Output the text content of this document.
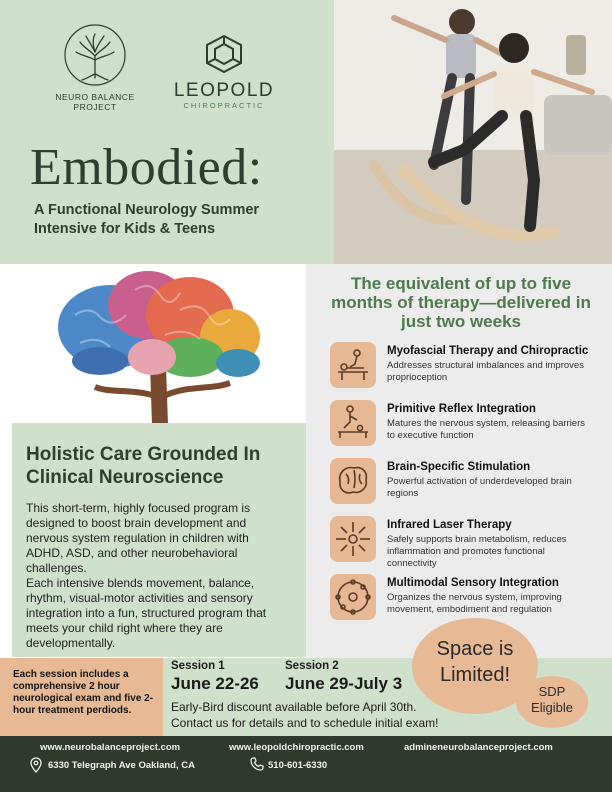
NEURO BALANCE
PROJECT
LEOPOLD
CHIROPRACTIC
Embodied:
A Functional Neurology Summer Intensive for Kids & Teens
The equivalent of up to five months of therapy—delivered in just two weeks
Myofascial Therapy and Chiropractic
Addresses structural imbalances and improves proprioception
Primitive Reflex Integration
Matures the nervous system, releasing barriers to executive function
Brain-Specific Stimulation
Powerful activation of underdeveloped brain regions
Infrared Laser Therapy
Safely supports brain metabolism, reduces inflammation and promotes functional connectivity
Multimodal Sensory Integration
Organizes the nervous system, improving movement, embodiment and regulation
Holistic Care Grounded In Clinical Neuroscience
This short-term, highly focused program is designed to boost brain development and nervous system regulation in children with ADHD, ASD, and other neurobehavioral challenges.
Each intensive blends movement, balance, rhythm, visual-motor activities and sensory integration into a fun, structured program that meets your child right where they are developmentally.
Each session includes a comprehensive 2 hour neurological exam and five 2-hour treatment perdiods.
Session 1
June 22-26
Session 2
June 29-July 3
Early-Bird discount available before April 30th.
Contact us for details and to schedule initial exam!
Space is
Limited!
SDP
Eligible
www.neurobalanceproject.com	www.leopoldchiropractic.com	admineneurobalanceproject.com
6330 Telegraph Ave Oakland, CA	510-601-6330
